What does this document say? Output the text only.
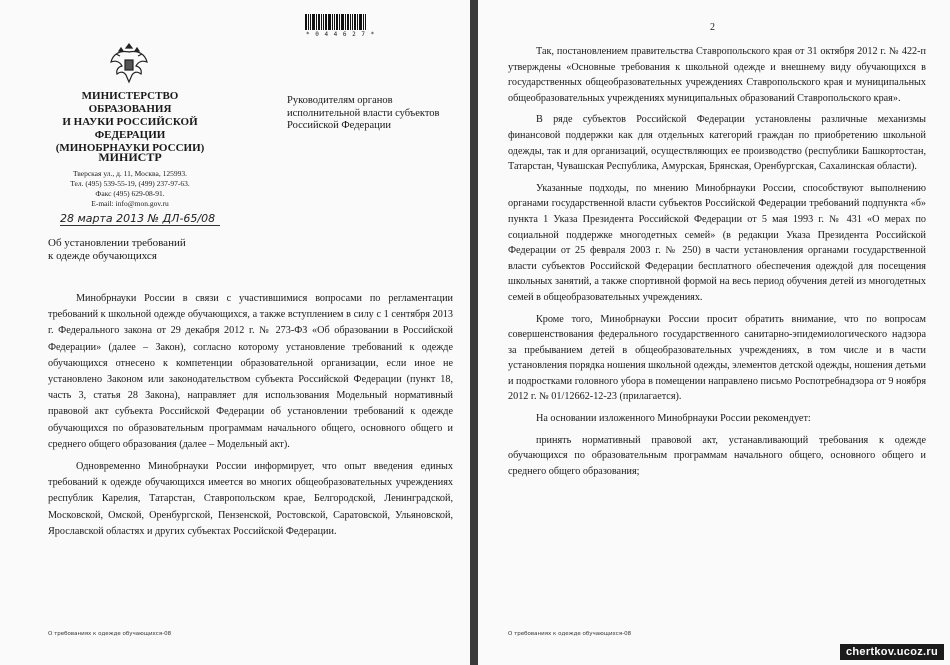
* 0 4 4 6 2 7 *
МИНИСТЕРСТВО ОБРАЗОВАНИЯ
И НАУКИ РОССИЙСКОЙ
ФЕДЕРАЦИИ
(МИНОБРНАУКИ РОССИИ)
МИНИСТР
Тверская ул., д. 11, Москва, 125993.
Тел. (495) 539-55-19, (499) 237-97-63.
Факс (495) 629-08-91.
E-mail: info@mon.gov.ru
28 марта 2013 № ДЛ-65/08
Об установлении требований
к одежде обучающихся
Руководителям органов
исполнительной власти субъектов
Российской Федерации

Минобрнауки России в связи с участившимися вопросами по регламентации требований к школьной одежде обучающихся, а также вступлением в силу с 1 сентября 2013 г. Федерального закона от 29 декабря 2012 г. № 273-ФЗ «Об образовании в Российской Федерации» (далее – Закон), согласно которому установление требований к одежде обучающихся отнесено к компетенции образовательной организации, если иное не установлено Законом или законодательством субъекта Российской Федерации (пункт 18, часть 3, статья 28 Закона), направляет для использования Модельный нормативный правовой акт субъекта Российской Федерации об установлении требований к одежде обучающихся по образовательным программам начального общего, основного общего и среднего общего образования (далее – Модельный акт).

Одновременно Минобрнауки России информирует, что опыт введения единых требований к одежде обучающихся имеется во многих общеобразовательных учреждениях республик Карелия, Татарстан, Ставропольском крае, Белгородской, Ленинградской, Московской, Омской, Оренбургской, Пензенской, Ростовской, Саратовской, Ульяновской, Ярославской областях и других субъектах Российской Федерации.

О требованиях к одежде обучающихся-08
2

Так, постановлением правительства Ставропольского края от 31 октября 2012 г. № 422-п утверждены «Основные требования к школьной одежде и внешнему виду обучающихся в государственных общеобразовательных учреждениях Ставропольского края и муниципальных общеобразовательных учреждениях муниципальных образований Ставропольского края».

В ряде субъектов Российской Федерации установлены различные механизмы финансовой поддержки как для отдельных категорий граждан по приобретению школьной одежды, так и для организаций, осуществляющих ее производство (республики Башкортостан, Татарстан, Чувашская Республика, Амурская, Брянская, Оренбургская, Сахалинская области).

Указанные подходы, по мнению Минобрнауки России, способствуют выполнению органами государственной власти субъектов Российской Федерации требований подпункта «б» пункта 1 Указа Президента Российской Федерации от 5 мая 1993 г. № 431 «О мерах по социальной поддержке многодетных семей» (в редакции Указа Президента Российской Федерации от 25 февраля 2003 г. № 250) в части установления органами государственной власти субъектов Российской Федерации бесплатного обеспечения одеждой для посещения школьных занятий, а также спортивной формой на весь период обучения детей из многодетных семей в общеобразовательных учреждениях.

Кроме того, Минобрнауки России просит обратить внимание, что по вопросам совершенствования федерального государственного санитарно-эпидемиологического надзора за пребыванием детей в общеобразовательных учреждениях, в том числе и в части установления порядка ношения школьной одежды, элементов детской одежды, ношения детьми и подростками головного убора в помещении направлено письмо Роспотребнадзора от 9 ноября 2012 г. № 01/12662-12-23 (прилагается).

На основании изложенного Минобрнауки России рекомендует:

принять нормативный правовой акт, устанавливающий требования к одежде обучающихся по образовательным программам начального общего, основного общего и среднего общего образования;

О требованиях к одежде обучающихся-08
chertkov.ucoz.ru
